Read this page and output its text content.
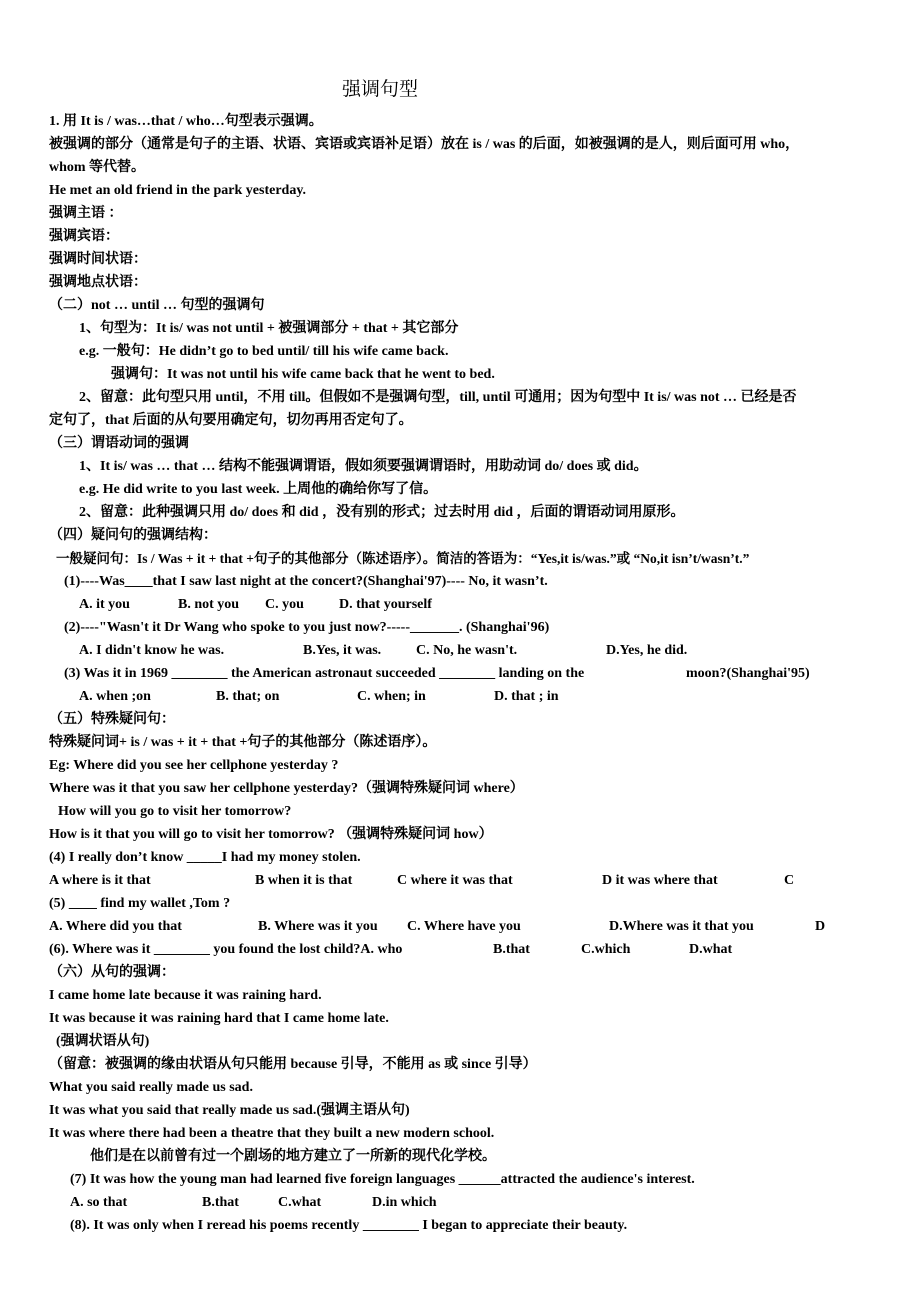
强调句型
1. 用 It is / was…that / who…句型表示强调。
被强调的部分（通常是句子的主语、状语、宾语或宾语补足语）放在 is / was 的后面，如被强调的是人，则后面可用 who，
whom 等代替。
He met an old friend in the park yesterday.
强调主语 ：
强调宾语：
强调时间状语：
强调地点状语：
（二）not … until … 句型的强调句
1、句型为：It is/ was not until + 被强调部分 + that + 其它部分
e.g. 一般句：He didn’t go to bed until/ till his wife came back.
强调句：It was not until his wife came back that he went to bed.
2、留意：此句型只用 until，不用 till。但假如不是强调句型，till, until 可通用；因为句型中 It is/ was not … 已经是否
定句了，that 后面的从句要用确定句，切勿再用否定句了。
（三）谓语动词的强调
1、It is/ was … that … 结构不能强调谓语，假如须要强调谓语时，用助动词 do/ does 或 did。
e.g. He did write to you last week. 上周他的确给你写了信。
2、留意：此种强调只用 do/ does 和 did ，没有别的形式；过去时用 did ，后面的谓语动词用原形。
（四）疑问句的强调结构：
一般疑问句：Is / Was + it + that +句子的其他部分（陈述语序）。简洁的答语为：“Yes,it is/was.”或 “No,it isn’t/wasn’t.”
(1)----Was____that I saw last night at the concert?(Shanghai'97)---- No, it wasn’t.
A. it you	B. not you C. you	D. that yourself
(2)----"Wasn't it Dr Wang who spoke to you just now?-----_______. (Shanghai'96)
A. I didn't know he was.	B.Yes, it was. C. No, he wasn't.	D.Yes, he did.
(3) Was it in 1969 ________ the American astronaut succeeded ________ landing on the	moon?(Shanghai'95)
A. when ;on	B. that; on	C. when; in	D. that ; in
（五）特殊疑问句：
特殊疑问词+ is / was + it + that +句子的其他部分（陈述语序）。
Eg: Where did you see her cellphone yesterday ?
Where was it that you saw her cellphone yesterday?（强调特殊疑问词 where）
How will you go to visit her tomorrow?
How is it that you will go to visit her tomorrow? （强调特殊疑问词 how）
(4) I really don’t know _____I had my money stolen.
A where is it that	B when it is that	C where it was that	D it was where that	C
(5) ____ find my wallet ,Tom ?
A. Where did you that	B. Where was it you C. Where have you	D.Where was it that you	D
(6). Where was it ________ you found the lost child?A. who	B.that	C.which	D.what
（六）从句的强调：
I came home late because it was raining hard.
It was because it was raining hard that I came home late.
(强调状语从句)
（留意：被强调的缘由状语从句只能用 because 引导，不能用 as 或 since 引导）
What you said really made us sad.
It was what you said that really made us sad.(强调主语从句)
It was where there had been a theatre that they built a new modern school.
他们是在以前曾有过一个剧场的地方建立了一所新的现代化学校。
(7) It was how the young man had learned five foreign languages ______attracted the audience's interest.
A. so that	B.that	C.what	D.in which
(8). It was only when I reread his poems recently ________ I began to appreciate their beauty.
